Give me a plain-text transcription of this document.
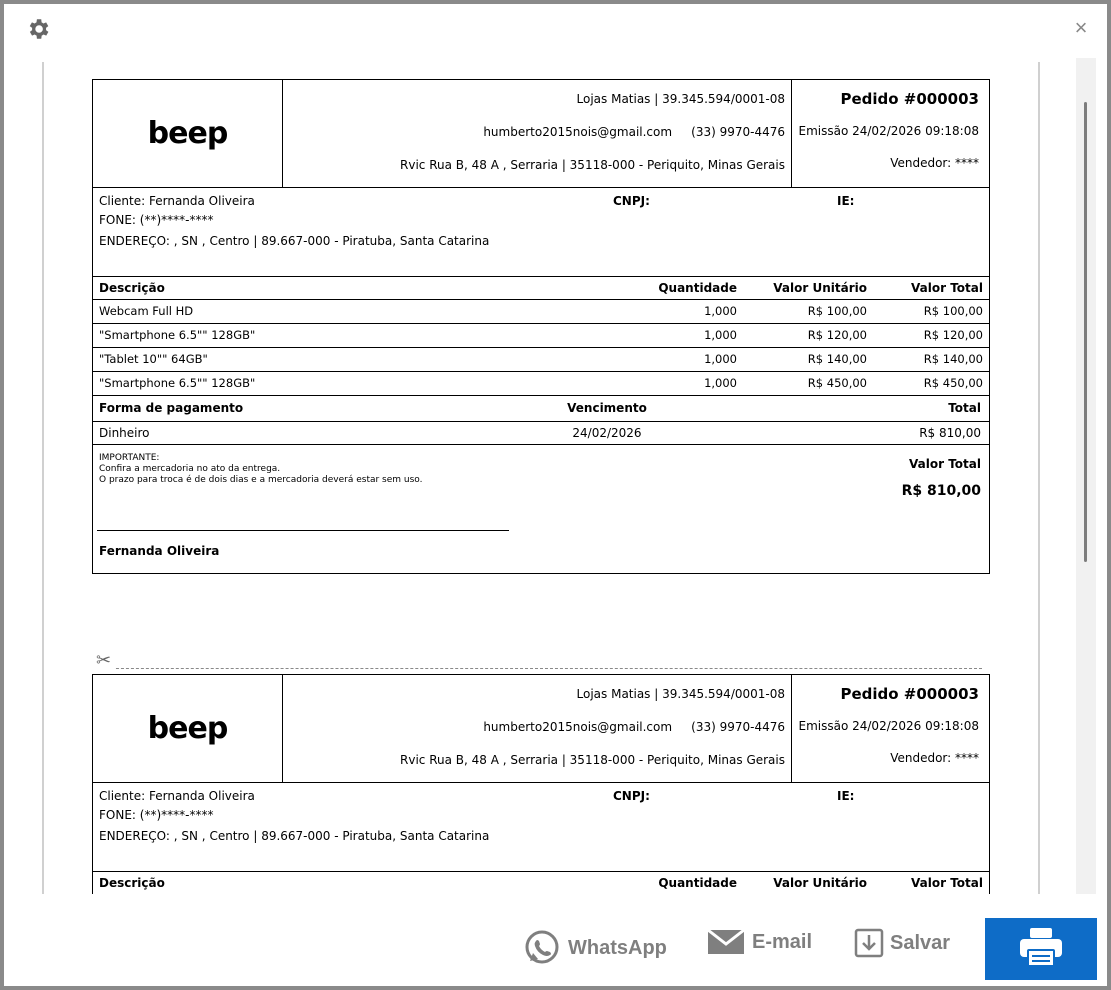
×
beep
Lojas Matias | 39.345.594/0001-08
humberto2015nois@gmail.com (33) 9970-4476
Rvic Rua B, 48 A , Serraria | 35118-000 - Periquito, Minas Gerais
Pedido #000003
Emissão 24/02/2026 09:18:08
Vendedor: ****
Cliente: Fernanda Oliveira
FONE: (**)****-****
ENDEREÇO: , SN , Centro | 89.667-000 - Piratuba, Santa Catarina
CNPJ:	IE:
Descrição	Quantidade	Valor Unitário	Valor Total
Webcam Full HD	1,000	R$ 100,00	R$ 100,00
"Smartphone 6.5"" 128GB"	1,000	R$ 120,00	R$ 120,00
"Tablet 10"" 64GB"	1,000	R$ 140,00	R$ 140,00
"Smartphone 6.5"" 128GB"	1,000	R$ 450,00	R$ 450,00
Forma de pagamento	Vencimento	Total
Dinheiro	24/02/2026	R$ 810,00
IMPORTANTE:
Confira a mercadoria no ato da entrega.
O prazo para troca é de dois dias e a mercadoria deverá estar sem uso.
Valor Total
R$ 810,00
Fernanda Oliveira
✂
beep
Lojas Matias | 39.345.594/0001-08
humberto2015nois@gmail.com (33) 9970-4476
Rvic Rua B, 48 A , Serraria | 35118-000 - Periquito, Minas Gerais
Pedido #000003
Emissão 24/02/2026 09:18:08
Vendedor: ****
Cliente: Fernanda Oliveira
FONE: (**)****-****
ENDEREÇO: , SN , Centro | 89.667-000 - Piratuba, Santa Catarina
CNPJ:	IE:
Descrição	Quantidade	Valor Unitário	Valor Total
WhatsApp	E-mail	Salvar
